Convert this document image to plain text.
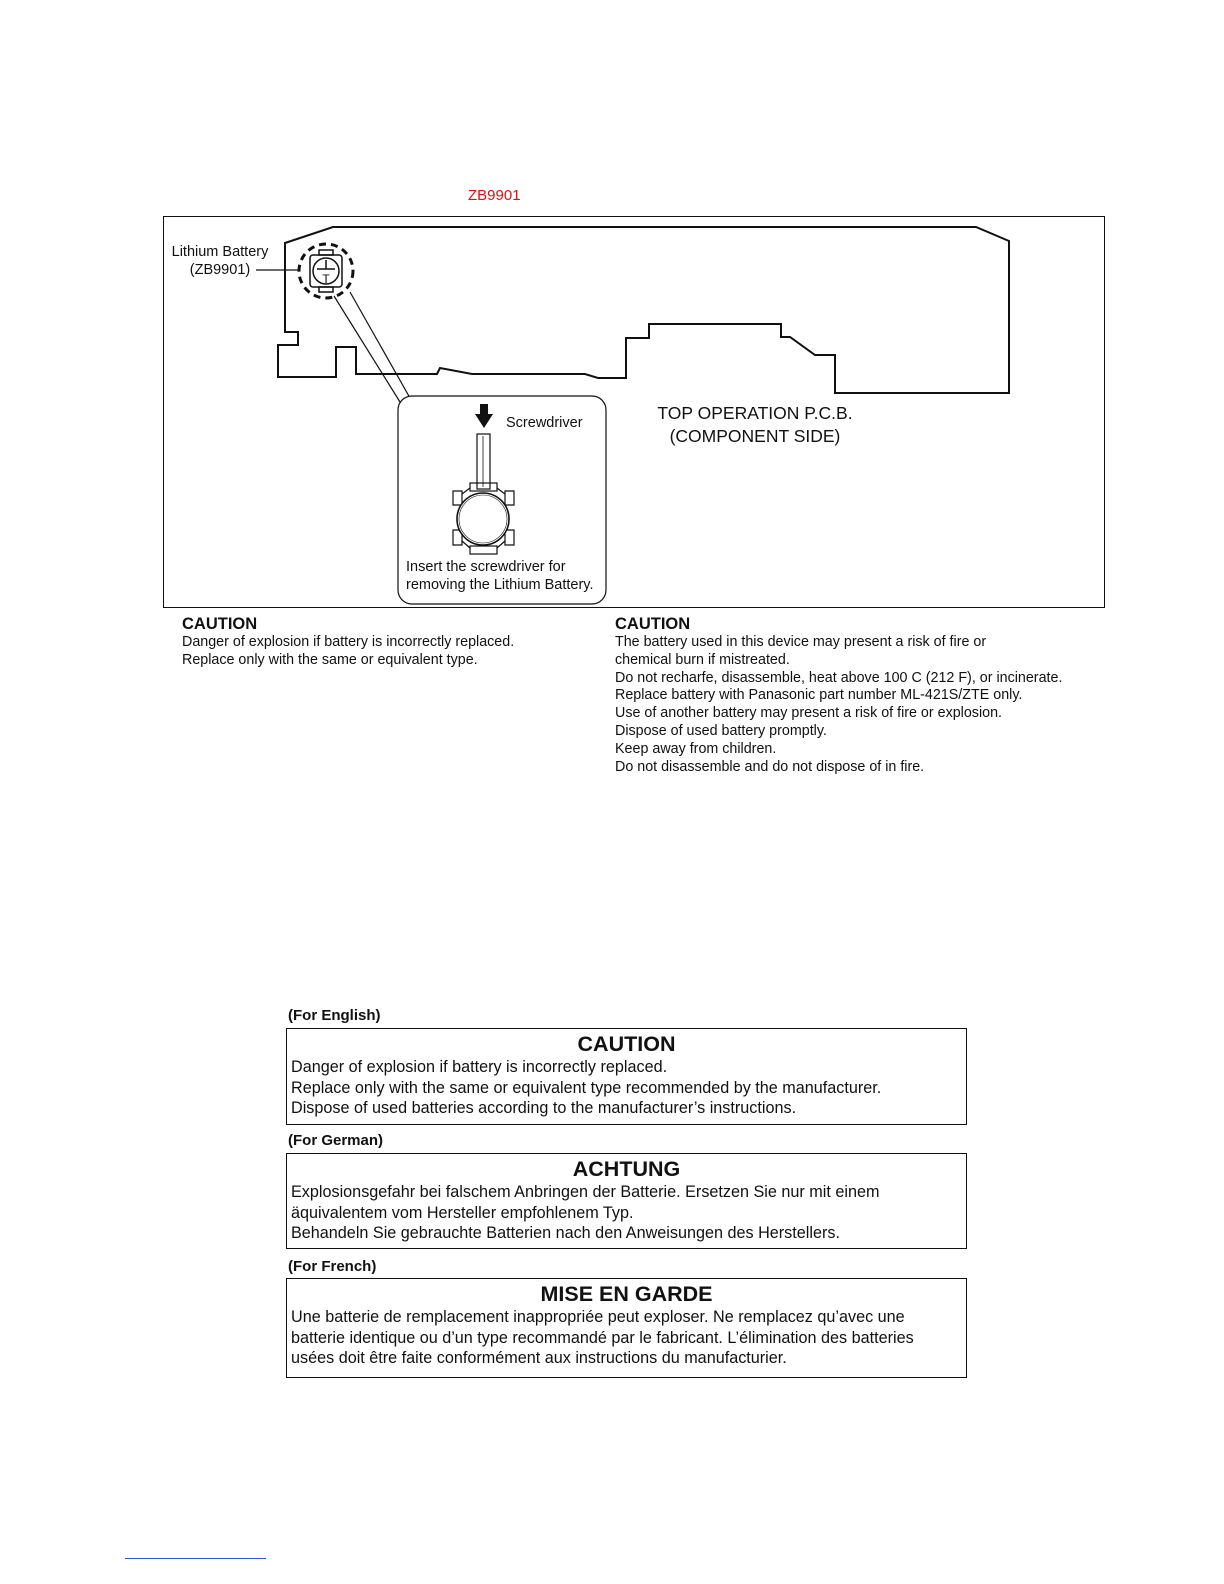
ZB9901
T
Lithium Battery
(ZB9901)
Screwdriver
Insert the screwdriver for
removing the Lithium Battery.
TOP OPERATION P.C.B.
(COMPONENT SIDE)
CAUTION
Danger of explosion if battery is incorrectly replaced.
Replace only with the same or equivalent type.
CAUTION
The battery used in this device may present a risk of fire or
chemical burn if mistreated.
Do not recharfe, disassemble, heat above 100 C (212 F), or incinerate.
Replace battery with Panasonic part number ML-421S/ZTE only.
Use of another battery may present a risk of fire or explosion.
Dispose of used battery promptly.
Keep away from children.
Do not disassemble and do not dispose of in fire.
(For English)
CAUTION
Danger of explosion if battery is incorrectly replaced.
Replace only with the same or equivalent type recommended by the manufacturer.
Dispose of used batteries according to the manufacturer’s instructions.
(For German)
ACHTUNG
Explosionsgefahr bei falschem Anbringen der Batterie. Ersetzen Sie nur mit einem
äquivalentem vom Hersteller empfohlenem Typ.
Behandeln Sie gebrauchte Batterien nach den Anweisungen des Herstellers.
(For French)
MISE EN GARDE
Une batterie de remplacement inappropriée peut exploser. Ne remplacez qu’avec une
batterie identique ou d’un type recommandé par le fabricant. L’élimination des batteries
usées doit être faite conformément aux instructions du manufacturier.
